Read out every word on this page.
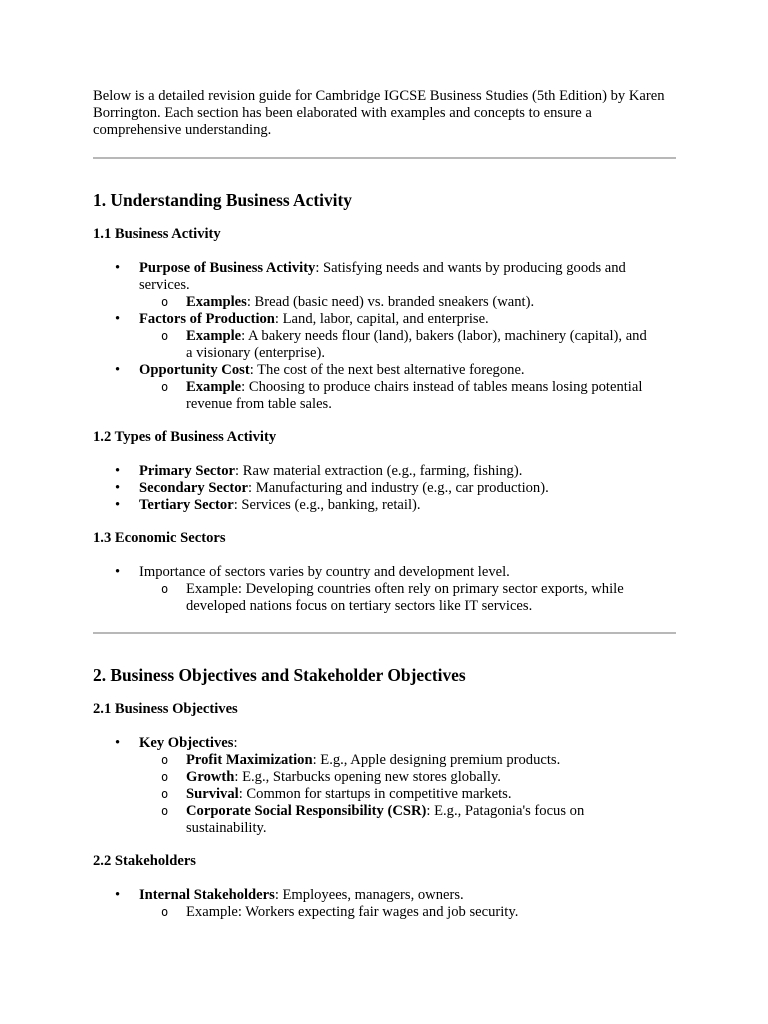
Below is a detailed revision guide for Cambridge IGCSE Business Studies (5th Edition) by Karen Borrington. Each section has been elaborated with examples and concepts to ensure a comprehensive understanding.

1. Understanding Business Activity
1.1 Business Activity
•	Purpose of Business Activity: Satisfying needs and wants by producing goods and services.
o Examples: Bread (basic need) vs. branded sneakers (want).
•	Factors of Production: Land, labor, capital, and enterprise.
o Example: A bakery needs flour (land), bakers (labor), machinery (capital), and a visionary (enterprise).
•	Opportunity Cost: The cost of the next best alternative foregone.
o Example: Choosing to produce chairs instead of tables means losing potential revenue from table sales.
1.2 Types of Business Activity
•	Primary Sector: Raw material extraction (e.g., farming, fishing).
•	Secondary Sector: Manufacturing and industry (e.g., car production).
•	Tertiary Sector: Services (e.g., banking, retail).
1.3 Economic Sectors
•	Importance of sectors varies by country and development level.
o Example: Developing countries often rely on primary sector exports, while developed nations focus on tertiary sectors like IT services.
2. Business Objectives and Stakeholder Objectives
2.1 Business Objectives
•	Key Objectives:
o Profit Maximization: E.g., Apple designing premium products.
o Growth: E.g., Starbucks opening new stores globally.
o Survival: Common for startups in competitive markets.
o Corporate Social Responsibility (CSR): E.g., Patagonia's focus on sustainability.
2.2 Stakeholders
•	Internal Stakeholders: Employees, managers, owners.
o Example: Workers expecting fair wages and job security.
